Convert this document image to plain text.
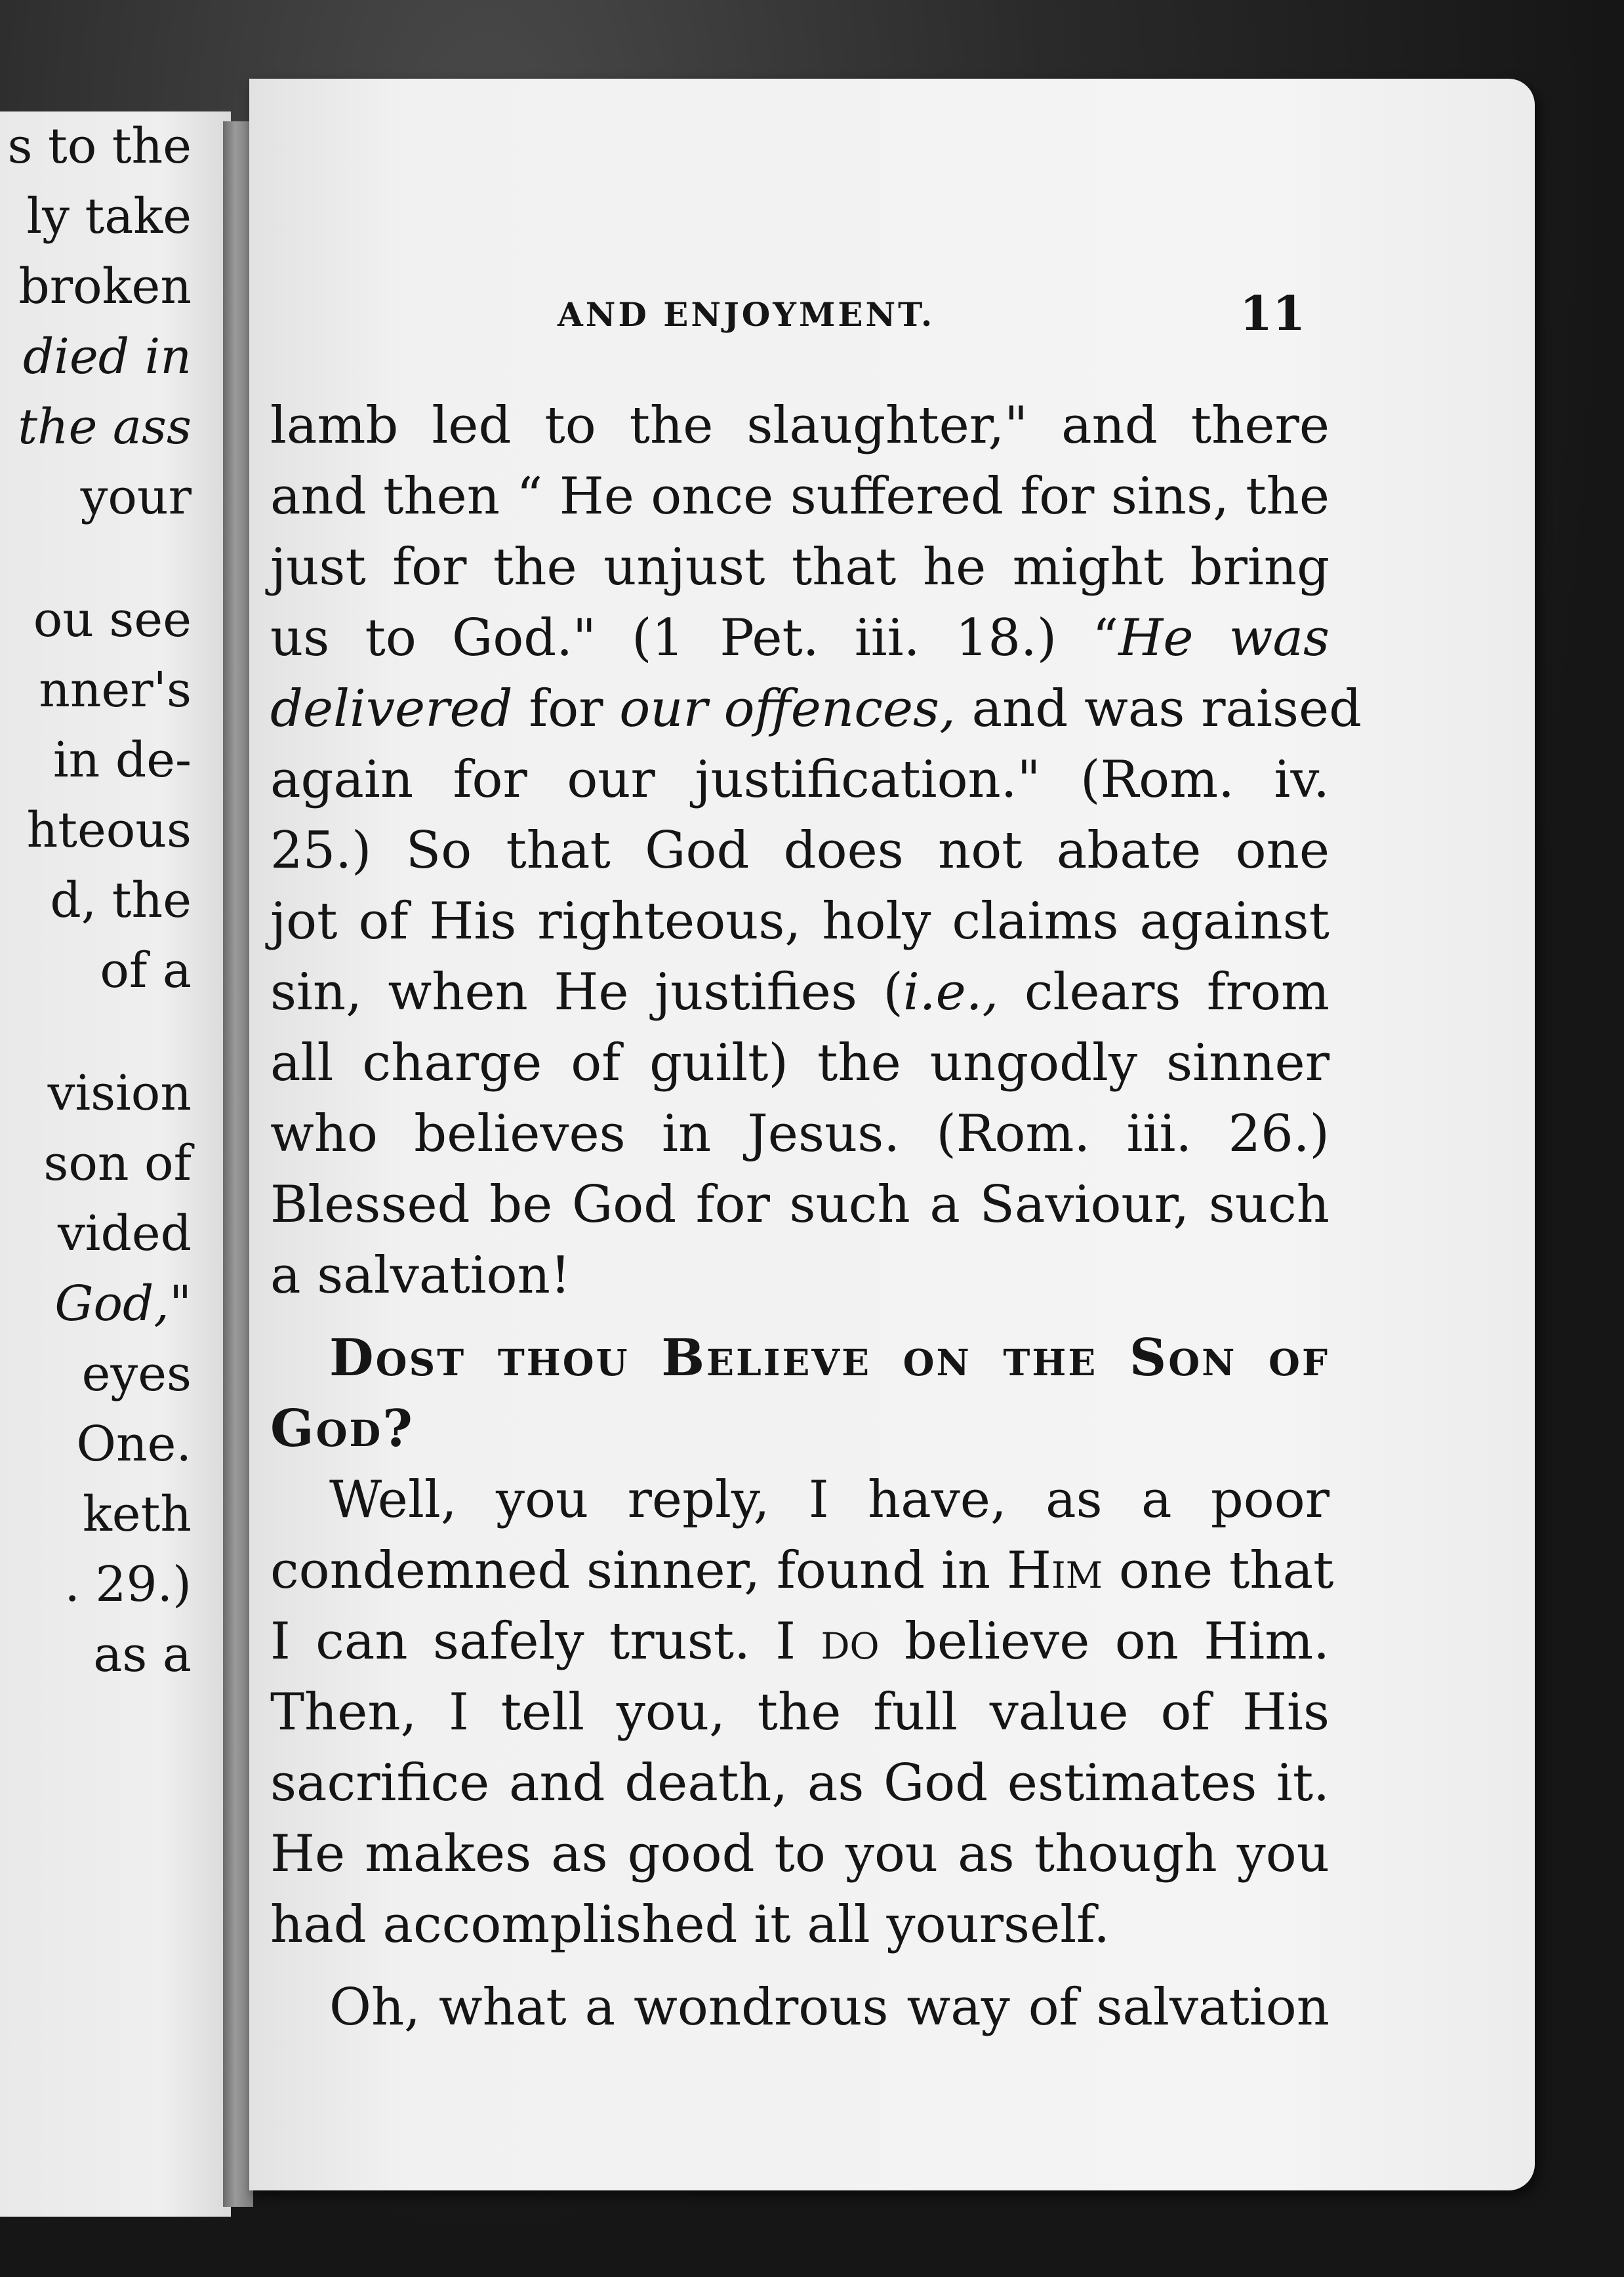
s to the
ly take
broken
died in
the ass
your
ou see
nner's
in de-
hteous
d, the
of a
vision
son of
vided
God,"
eyes
One.
keth
. 29.)
as a
AND ENJOYMENT.	11
lamb led to the slaughter," and there
and then “ He once suffered for sins, the
just for the unjust that he might bring
us to God." (1 Pet. iii. 18.) “He was
delivered for our offences, and was raised
again for our justification." (Rom. iv.
25.) So that God does not abate one
jot of His righteous, holy claims against
sin, when He justifies (i.e., clears from
all charge of guilt) the ungodly sinner
who believes in Jesus. (Rom. iii. 26.)
Blessed be God for such a Saviour, such
a salvation!
Dost thou Believe on the Son of
God?
Well, you reply, I have, as a poor
condemned sinner, found in Him one that
I can safely trust. I do believe on Him.
Then, I tell you, the full value of His
sacrifice and death, as God estimates it.
He makes as good to you as though you
had accomplished it all yourself.
Oh, what a wondrous way of salvation
